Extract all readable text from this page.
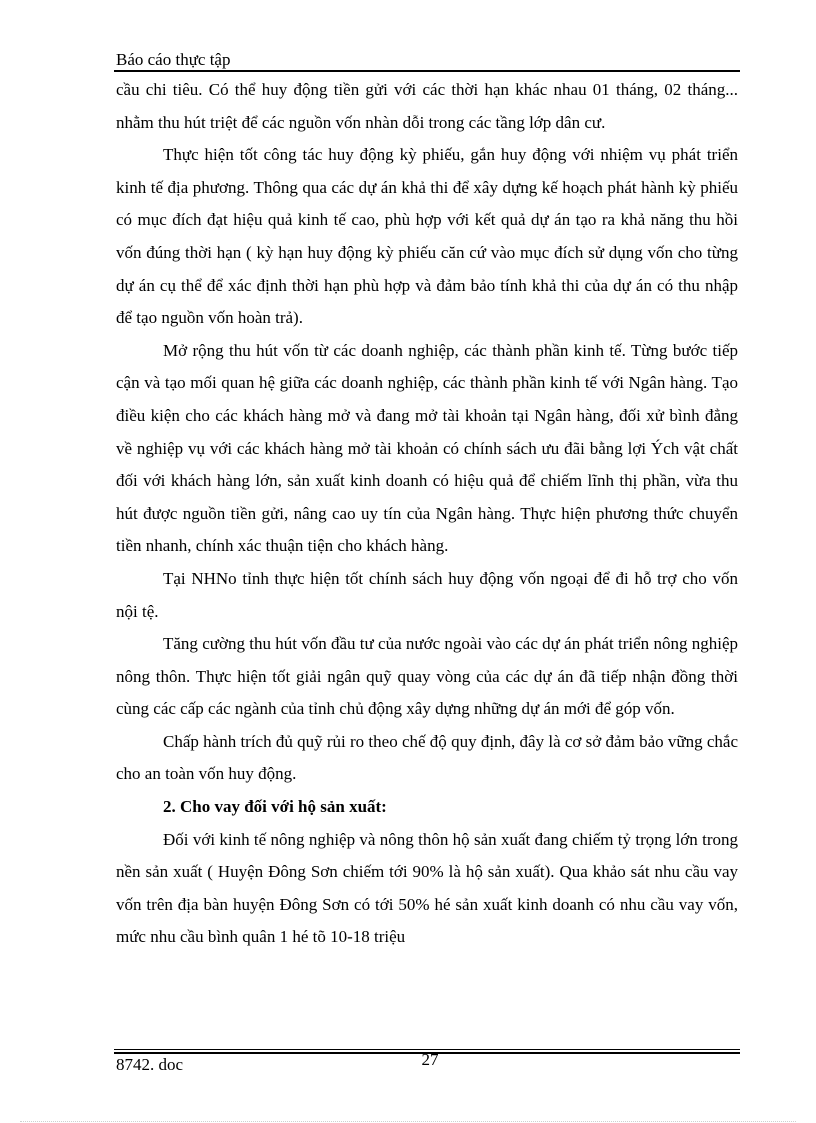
Báo cáo thực tập

cầu chi tiêu. Có thể huy động tiền gửi với các thời hạn khác nhau 01 tháng, 02 tháng... nhằm thu hút triệt để các nguồn vốn nhàn dỗi trong các tầng lớp dân cư.

Thực hiện tốt công tác huy động kỳ phiếu, gắn huy động với nhiệm vụ phát triển kinh tế địa phương. Thông qua các dự án khả thi để xây dựng kế hoạch phát hành kỳ phiếu có mục đích đạt hiệu quả kinh tế cao, phù hợp với kết quả dự án tạo ra khả năng thu hồi vốn đúng thời hạn ( kỳ hạn huy động kỳ phiếu căn cứ vào mục đích sử dụng vốn cho từng dự án cụ thể để xác định thời hạn phù hợp và đảm bảo tính khả thi của dự án có thu nhập để tạo nguồn vốn hoàn trả).

Mở rộng thu hút vốn từ các doanh nghiệp, các thành phần kinh tế. Từng bước tiếp cận và tạo mối quan hệ giữa các doanh nghiệp, các thành phần kinh tế với Ngân hàng. Tạo điều kiện cho các khách hàng mở và đang mở tài khoản tại Ngân hàng, đối xử bình đẳng về nghiệp vụ với các khách hàng mở tài khoản có chính sách ưu đãi bằng lợi Ých vật chất đối với khách hàng lớn, sản xuất kinh doanh có hiệu quả để chiếm lĩnh thị phần, vừa thu hút được nguồn tiền gửi, nâng cao uy tín của Ngân hàng. Thực hiện phương thức chuyển tiền nhanh, chính xác thuận tiện cho khách hàng.

Tại NHNo tỉnh thực hiện tốt chính sách huy động vốn ngoại để đi hỗ trợ cho vốn nội tệ.

Tăng cường thu hút vốn đầu tư của nước ngoài vào các dự án phát triển nông nghiệp nông thôn. Thực hiện tốt giải ngân quỹ quay vòng của các dự án đã tiếp nhận đồng thời cùng các cấp các ngành của tỉnh chủ động xây dựng những dự án mới để góp vốn.

Chấp hành trích đủ quỹ rủi ro theo chế độ quy định, đây là cơ sở đảm bảo vững chắc cho an toàn vốn huy động.

2. Cho vay đối với hộ sản xuất:

Đối với kinh tế nông nghiệp và nông thôn hộ sản xuất đang chiếm tỷ trọng lớn trong nền sản xuất ( Huyện Đông Sơn chiếm tới 90% là hộ sản xuất). Qua khảo sát nhu cầu vay vốn trên địa bàn huyện Đông Sơn có tới 50% hé sản xuất kinh doanh có nhu cầu vay vốn, mức nhu cầu bình quân 1 hé tõ 10-18 triệu

8742. doc	27
